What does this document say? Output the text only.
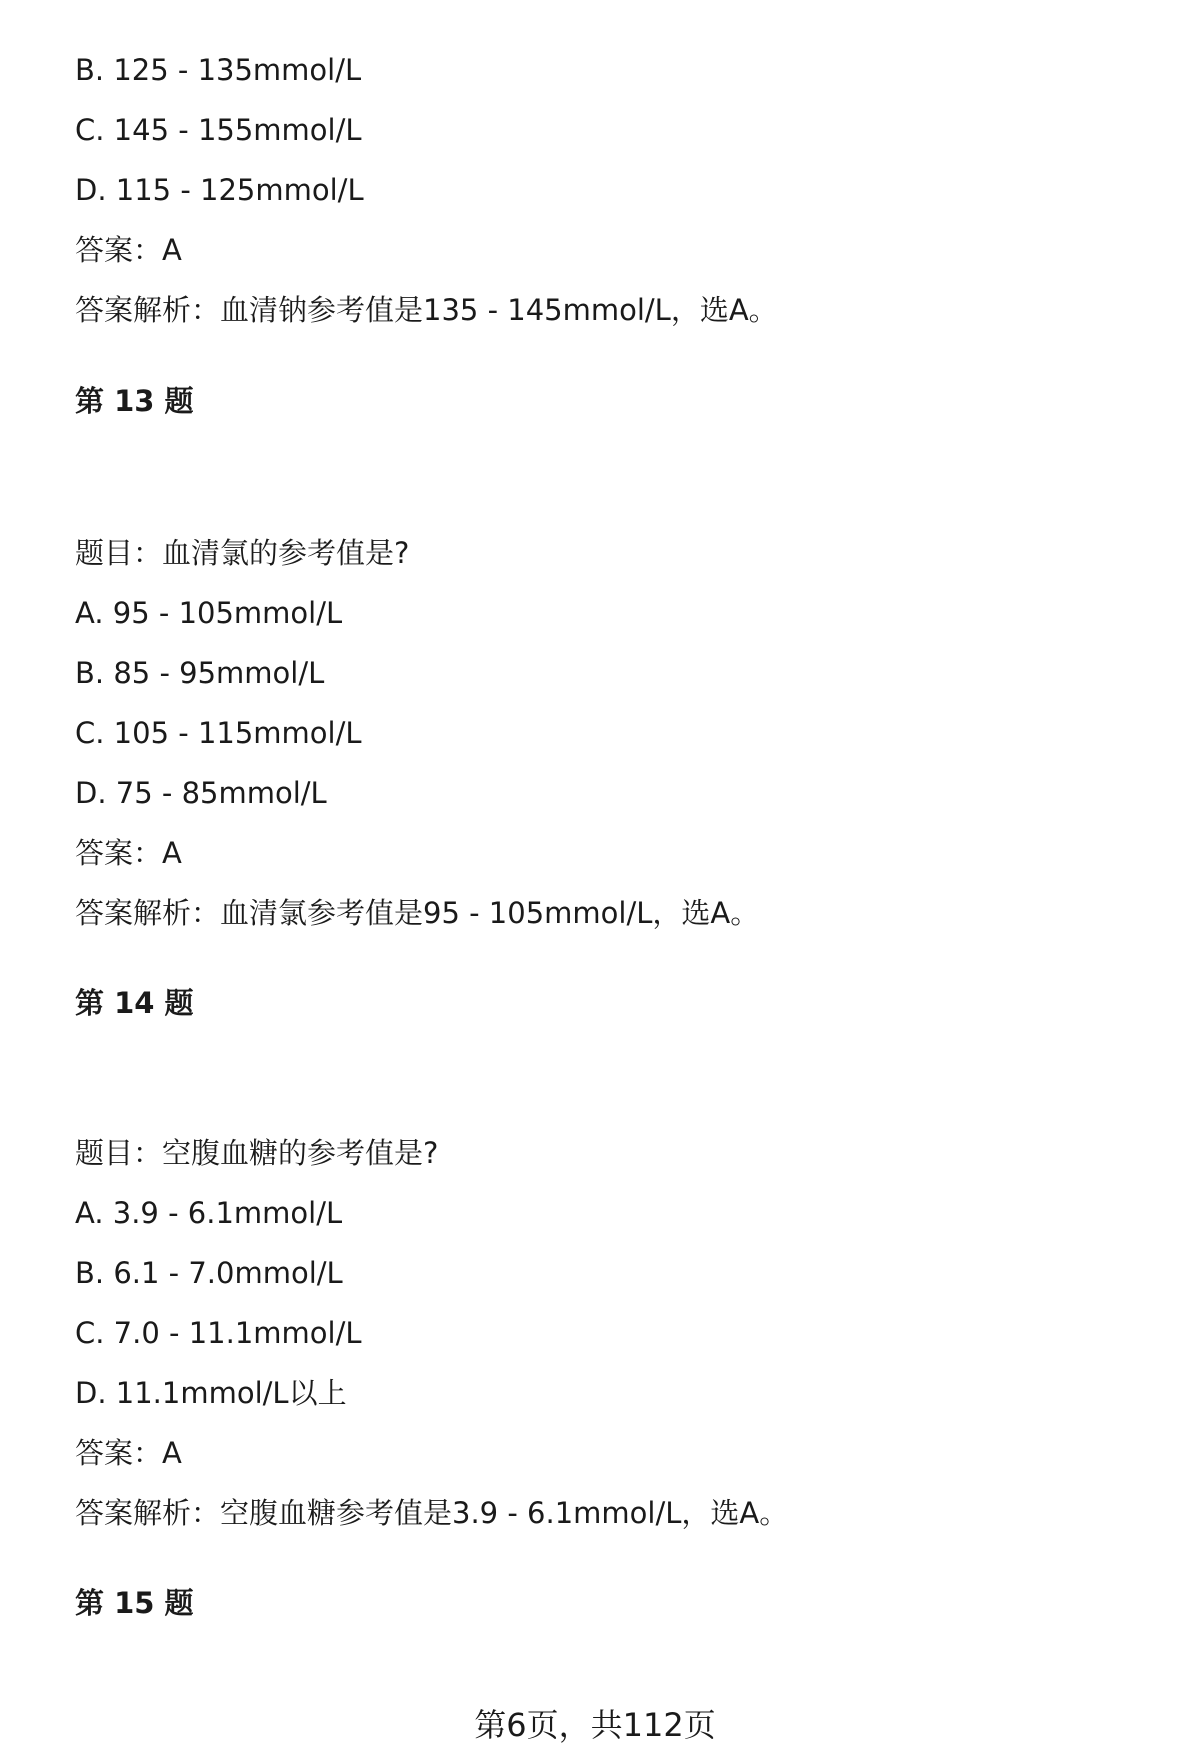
B. 125 - 135mmol/L
C. 145 - 155mmol/L
D. 115 - 125mmol/L
答案：A
答案解析：血清钠参考值是135 - 145mmol/L，选A。
第 13 题
题目：血清氯的参考值是?
A. 95 - 105mmol/L
B. 85 - 95mmol/L
C. 105 - 115mmol/L
D. 75 - 85mmol/L
答案：A
答案解析：血清氯参考值是95 - 105mmol/L，选A。
第 14 题
题目：空腹血糖的参考值是?
A. 3.9 - 6.1mmol/L
B. 6.1 - 7.0mmol/L
C. 7.0 - 11.1mmol/L
D. 11.1mmol/L以上
答案：A
答案解析：空腹血糖参考值是3.9 - 6.1mmol/L，选A。
第 15 题
第6页，共112页
